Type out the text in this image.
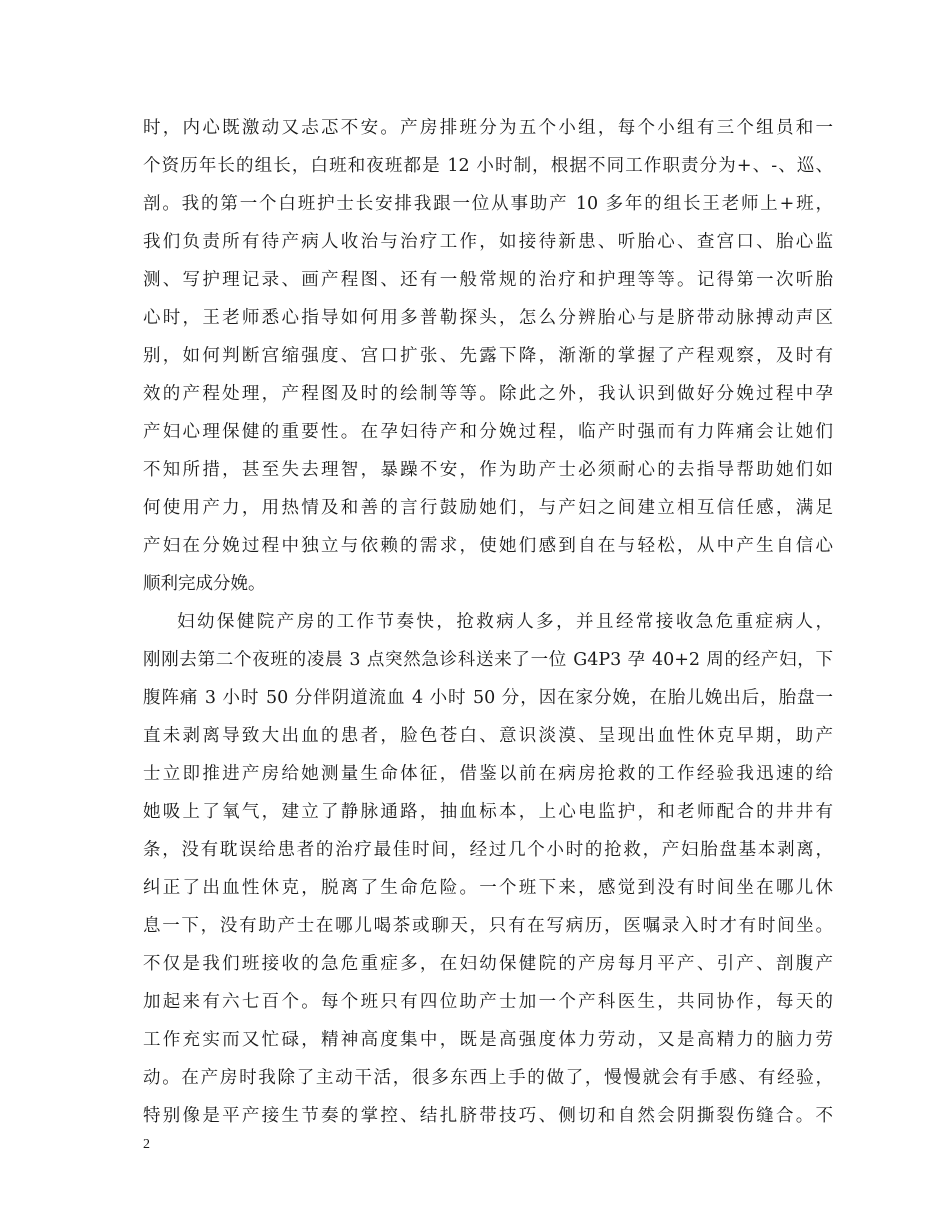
时，内心既激动又忐忑不安。产房排班分为五个小组，每个小组有三个组员和一
个资历年长的组长，白班和夜班都是 12 小时制，根据不同工作职责分为+、-、巡、
剖。我的第一个白班护士长安排我跟一位从事助产 10 多年的组长王老师上+班，
我们负责所有待产病人收治与治疗工作，如接待新患、听胎心、查宫口、胎心监
测、写护理记录、画产程图、还有一般常规的治疗和护理等等。记得第一次听胎
心时，王老师悉心指导如何用多普勒探头，怎么分辨胎心与是脐带动脉搏动声区
别，如何判断宫缩强度、宫口扩张、先露下降，渐渐的掌握了产程观察，及时有
效的产程处理，产程图及时的绘制等等。除此之外，我认识到做好分娩过程中孕
产妇心理保健的重要性。在孕妇待产和分娩过程，临产时强而有力阵痛会让她们
不知所措，甚至失去理智，暴躁不安，作为助产士必须耐心的去指导帮助她们如
何使用产力，用热情及和善的言行鼓励她们，与产妇之间建立相互信任感，满足
产妇在分娩过程中独立与依赖的需求，使她们感到自在与轻松，从中产生自信心
顺利完成分娩。
妇幼保健院产房的工作节奏快，抢救病人多，并且经常接收急危重症病人，
刚刚去第二个夜班的凌晨 3 点突然急诊科送来了一位 G4P3 孕 40+2 周的经产妇，下
腹阵痛 3 小时 50 分伴阴道流血 4 小时 50 分，因在家分娩，在胎儿娩出后，胎盘一
直未剥离导致大出血的患者，脸色苍白、意识淡漠、呈现出血性休克早期，助产
士立即推进产房给她测量生命体征，借鉴以前在病房抢救的工作经验我迅速的给
她吸上了氧气，建立了静脉通路，抽血标本，上心电监护，和老师配合的井井有
条，没有耽误给患者的治疗最佳时间，经过几个小时的抢救，产妇胎盘基本剥离，
纠正了出血性休克，脱离了生命危险。一个班下来，感觉到没有时间坐在哪儿休
息一下，没有助产士在哪儿喝茶或聊天，只有在写病历，医嘱录入时才有时间坐。
不仅是我们班接收的急危重症多，在妇幼保健院的产房每月平产、引产、剖腹产
加起来有六七百个。每个班只有四位助产士加一个产科医生，共同协作，每天的
工作充实而又忙碌，精神高度集中，既是高强度体力劳动，又是高精力的脑力劳
动。在产房时我除了主动干活，很多东西上手的做了，慢慢就会有手感、有经验，
特别像是平产接生节奏的掌控、结扎脐带技巧、侧切和自然会阴撕裂伤缝合。不
2
